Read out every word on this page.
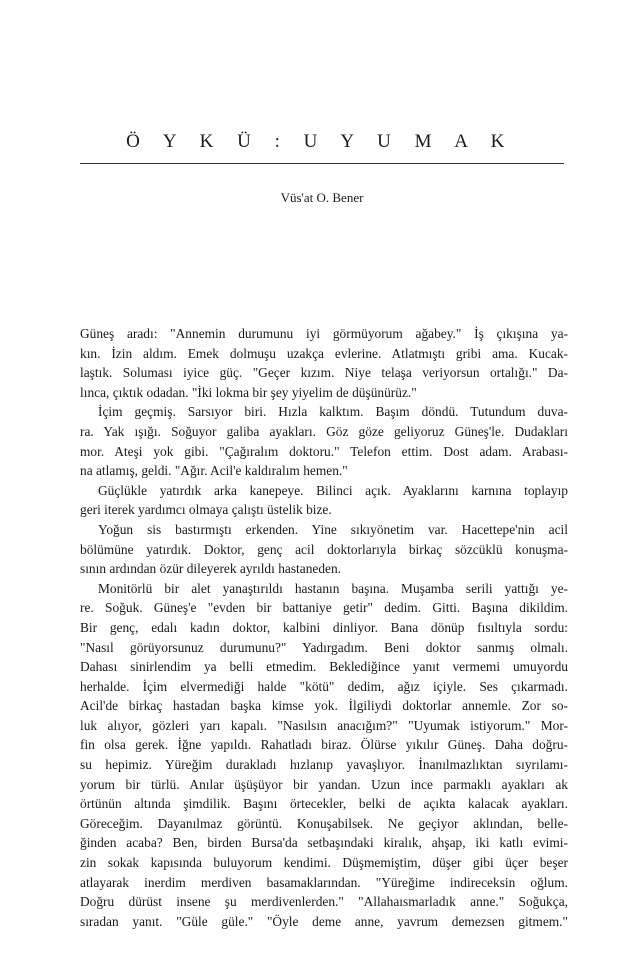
Ö Y K Ü : U Y U M A K
Vüs'at O. Bener
Güneş aradı: "Annemin durumunu iyi görmüyorum ağabey." İş çıkışına ya-
kın. İzin aldım. Emek dolmuşu uzakça evlerine. Atlatmıştı gribi ama. Kucak-
laştık. Soluması iyice güç. "Geçer kızım. Niye telaşa veriyorsun ortalığı." Da-
lınca, çıktık odadan. "İki lokma bir şey yiyelim de düşünürüz."
İçim geçmiş. Sarsıyor biri. Hızla kalktım. Başım döndü. Tutundum duva-
ra. Yak ışığı. Soğuyor galiba ayakları. Göz göze geliyoruz Güneş'le. Dudakları
mor. Ateşi yok gibi. "Çağıralım doktoru." Telefon ettim. Dost adam. Arabası-
na atlamış, geldi. "Ağır. Acil'e kaldıralım hemen."
Güçlükle yatırdık arka kanepeye. Bilinci açık. Ayaklarını karnına toplayıp
geri iterek yardımcı olmaya çalıştı üstelik bize.
Yoğun sis bastırmıştı erkenden. Yine sıkıyönetim var. Hacettepe'nin acil
bölümüne yatırdık. Doktor, genç acil doktorlarıyla birkaç sözcüklü konuşma-
sının ardından özür dileyerek ayrıldı hastaneden.
Monitörlü bir alet yanaştırıldı hastanın başına. Muşamba serili yattığı ye-
re. Soğuk. Güneş'e "evden bir battaniye getir" dedim. Gitti. Başına dikildim.
Bir genç, edalı kadın doktor, kalbini dinliyor. Bana dönüp fısıltıyla sordu:
"Nasıl görüyorsunuz durumunu?" Yadırgadım. Beni doktor sanmış olmalı.
Dahası sinirlendim ya belli etmedim. Beklediğince yanıt vermemi umuyordu
herhalde. İçim elvermediği halde "kötü" dedim, ağız içiyle. Ses çıkarmadı.
Acil'de birkaç hastadan başka kimse yok. İlgiliydi doktorlar annemle. Zor so-
luk alıyor, gözleri yarı kapalı. "Nasılsın anacığım?" "Uyumak istiyorum." Mor-
fin olsa gerek. İğne yapıldı. Rahatladı biraz. Ölürse yıkılır Güneş. Daha doğru-
su hepimiz. Yüreğim durakladı hızlanıp yavaşlıyor. İnanılmazlıktan sıyrılamı-
yorum bir türlü. Anılar üşüşüyor bir yandan. Uzun ince parmaklı ayakları ak
örtünün altında şimdilik. Başını örtecekler, belki de açıkta kalacak ayakları.
Göreceğim. Dayanılmaz görüntü. Konuşabilsek. Ne geçiyor aklından, belle-
ğinden acaba? Ben, birden Bursa'da setbaşındaki kiralık, ahşap, iki katlı evimi-
zin sokak kapısında buluyorum kendimi. Düşmemiştim, düşer gibi üçer beşer
atlayarak inerdim merdiven basamaklarından. "Yüreğime indireceksin oğlum.
Doğru dürüst insene şu merdivenlerden." "Allahaısmarladık anne." Soğukça,
sıradan yanıt. "Güle güle." "Öyle deme anne, yavrum demezsen gitmem."
